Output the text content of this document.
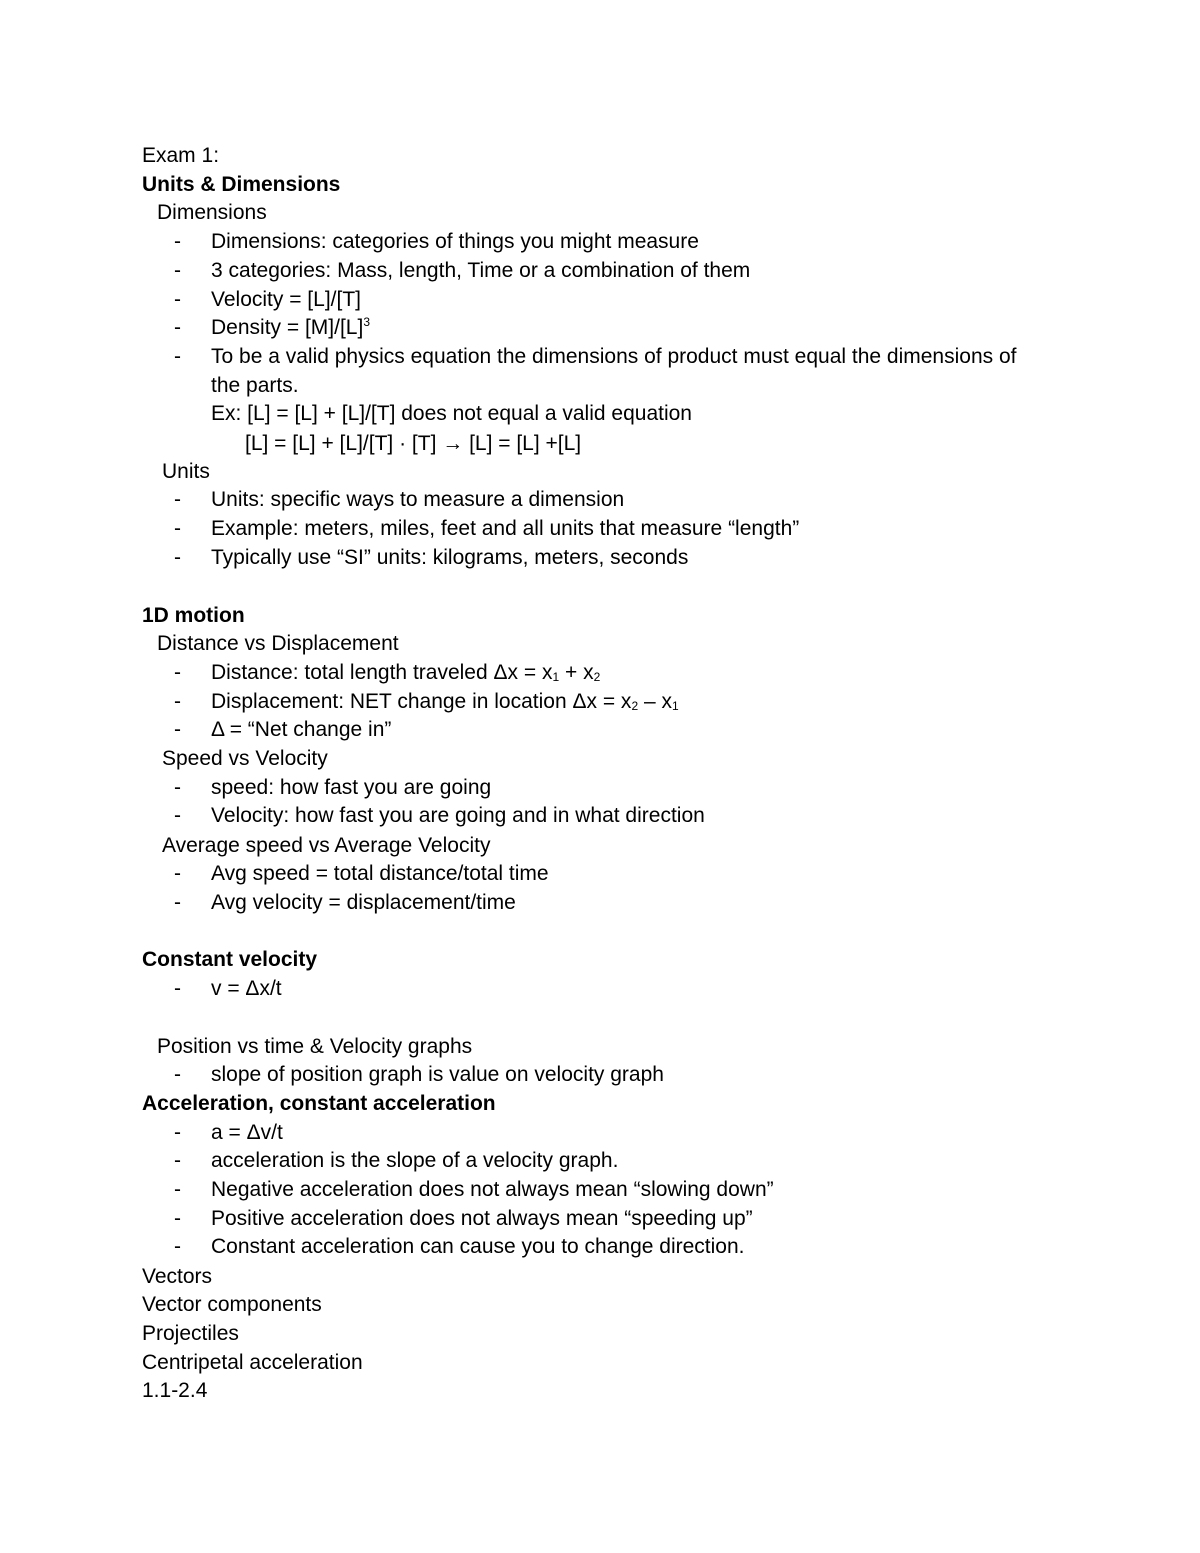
Exam 1:
Units & Dimensions
Dimensions
- Dimensions: categories of things you might measure
- 3 categories: Mass, length, Time or a combination of them
- Velocity = [L]/[T]
- Density = $[M]/[L]^3$
- To be a valid physics equation the dimensions of product must equal the dimensions of
the parts.
Ex: [L] = [L] + [L]/[T] does not equal a valid equation
[L] = [L] + [L]/[T] · [T] → [L] = [L] +[L]
Units
- Units: specific ways to measure a dimension
- Example: meters, miles, feet and all units that measure “length”
- Typically use “SI” units: kilograms, meters, seconds
1D motion
Distance vs Displacement
- Distance: total length traveled $\Delta x = x_1 + x_2$
- Displacement: NET change in location $\Delta x = x_2 - x_1$
- Δ = “Net change in”
Speed vs Velocity
- speed: how fast you are going
- Velocity: how fast you are going and in what direction
Average speed vs Average Velocity
- Avg speed = total distance/total time
- Avg velocity = displacement/time
Constant velocity
- v = Δx/t
Position vs time & Velocity graphs
- slope of position graph is value on velocity graph
Acceleration, constant acceleration
- a = Δv/t
- acceleration is the slope of a velocity graph.
- Negative acceleration does not always mean “slowing down”
- Positive acceleration does not always mean “speeding up”
- Constant acceleration can cause you to change direction.
Vectors
Vector components
Projectiles
Centripetal acceleration
1.1-2.4
